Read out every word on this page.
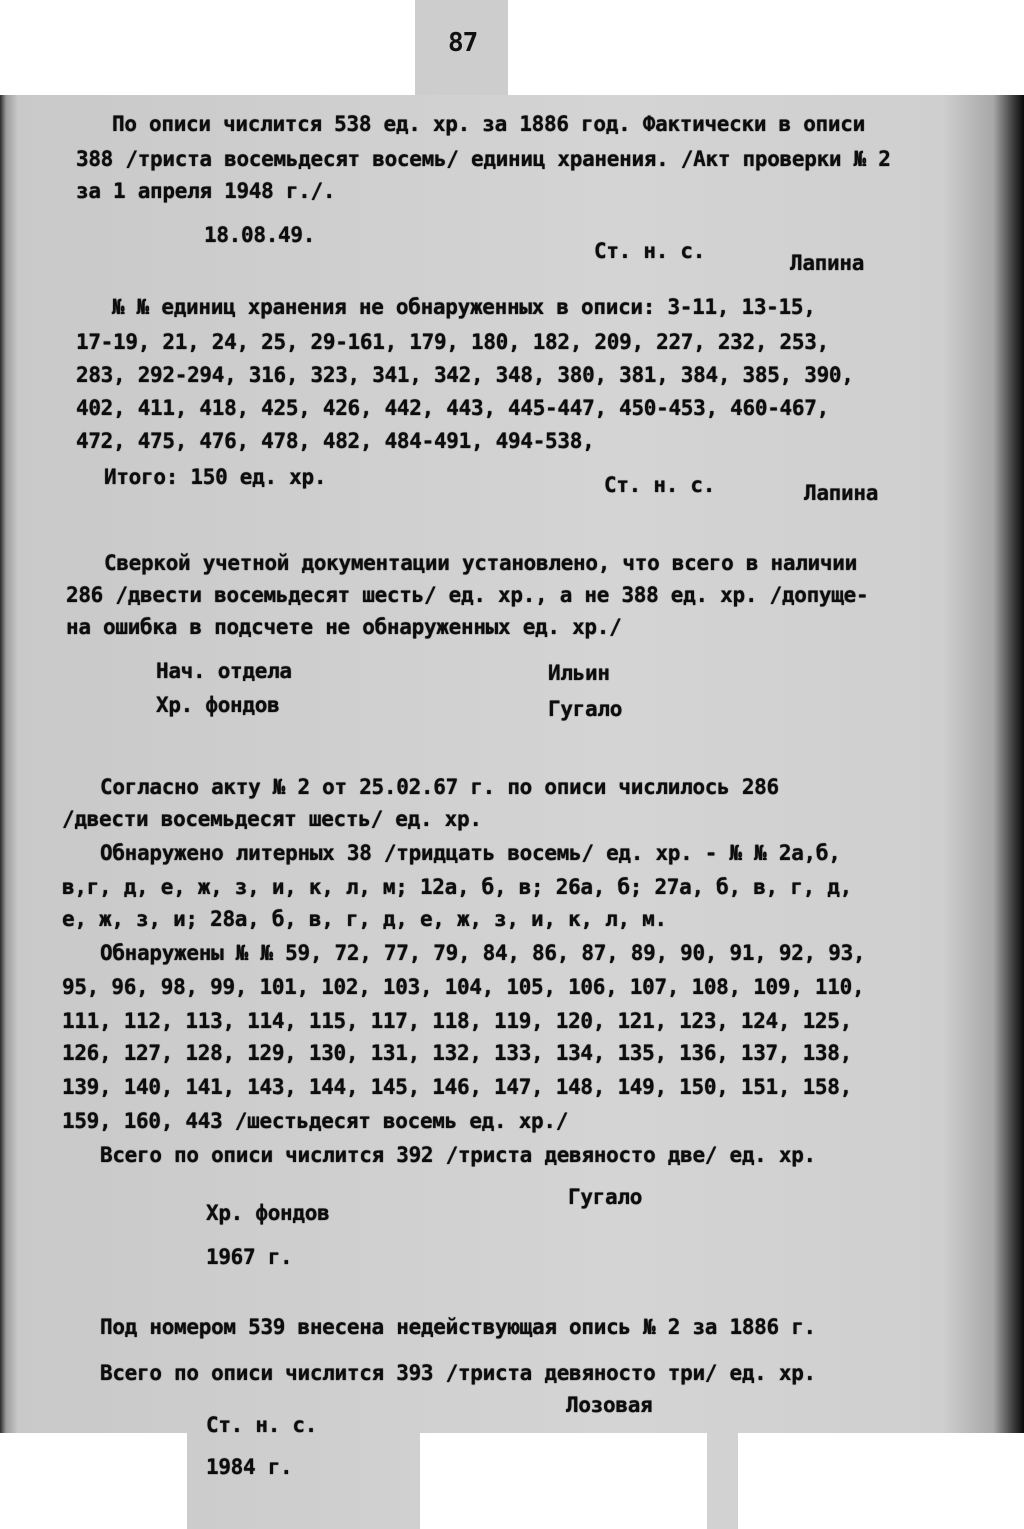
87
По описи числится 538 ед. хр. за 1886 год. Фактически в описи
388 /триста восемьдесят восемь/ единиц хранения. /Акт проверки № 2
за 1 апреля 1948 г./.
18.08.49.
Ст. н. с.	Лапина
№ № единиц хранения не обнаруженных в описи: 3-11, 13-15,
17-19, 21, 24, 25, 29-161, 179, 180, 182, 209, 227, 232, 253,
283, 292-294, 316, 323, 341, 342, 348, 380, 381, 384, 385, 390,
402, 411, 418, 425, 426, 442, 443, 445-447, 450-453, 460-467,
472, 475, 476, 478, 482, 484-491, 494-538,
Итого: 150 ед. хр.	Ст. н. с.	Лапина
Сверкой учетной документации установлено, что всего в наличии
286 /двести восемьдесят шесть/ ед. хр., а не 388 ед. хр. /допуще-
на ошибка в подсчете не обнаруженных ед. хр./
Нач. отдела	Ильин
Хр. фондов	Гугало
Согласно акту № 2 от 25.02.67 г. по описи числилось 286
/двести восемьдесят шесть/ ед. хр.
Обнаружено литерных 38 /тридцать восемь/ ед. хр. - № № 2а,б,
в,г, д, е, ж, з, и, к, л, м; 12а, б, в; 26а, б; 27а, б, в, г, д,
е, ж, з, и; 28а, б, в, г, д, е, ж, з, и, к, л, м.
Обнаружены № № 59, 72, 77, 79, 84, 86, 87, 89, 90, 91, 92, 93,
95, 96, 98, 99, 101, 102, 103, 104, 105, 106, 107, 108, 109, 110,
111, 112, 113, 114, 115, 117, 118, 119, 120, 121, 123, 124, 125,
126, 127, 128, 129, 130, 131, 132, 133, 134, 135, 136, 137, 138,
139, 140, 141, 143, 144, 145, 146, 147, 148, 149, 150, 151, 158,
159, 160, 443 /шестьдесят восемь ед. хр./
Всего по описи числится 392 /триста девяносто две/ ед. хр.
Гугало
Хр. фондов
1967 г.
Под номером 539 внесена недействующая опись № 2 за 1886 г.
Всего по описи числится 393 /триста девяносто три/ ед. хр.
Лозовая
Ст. н. с.
1984 г.
